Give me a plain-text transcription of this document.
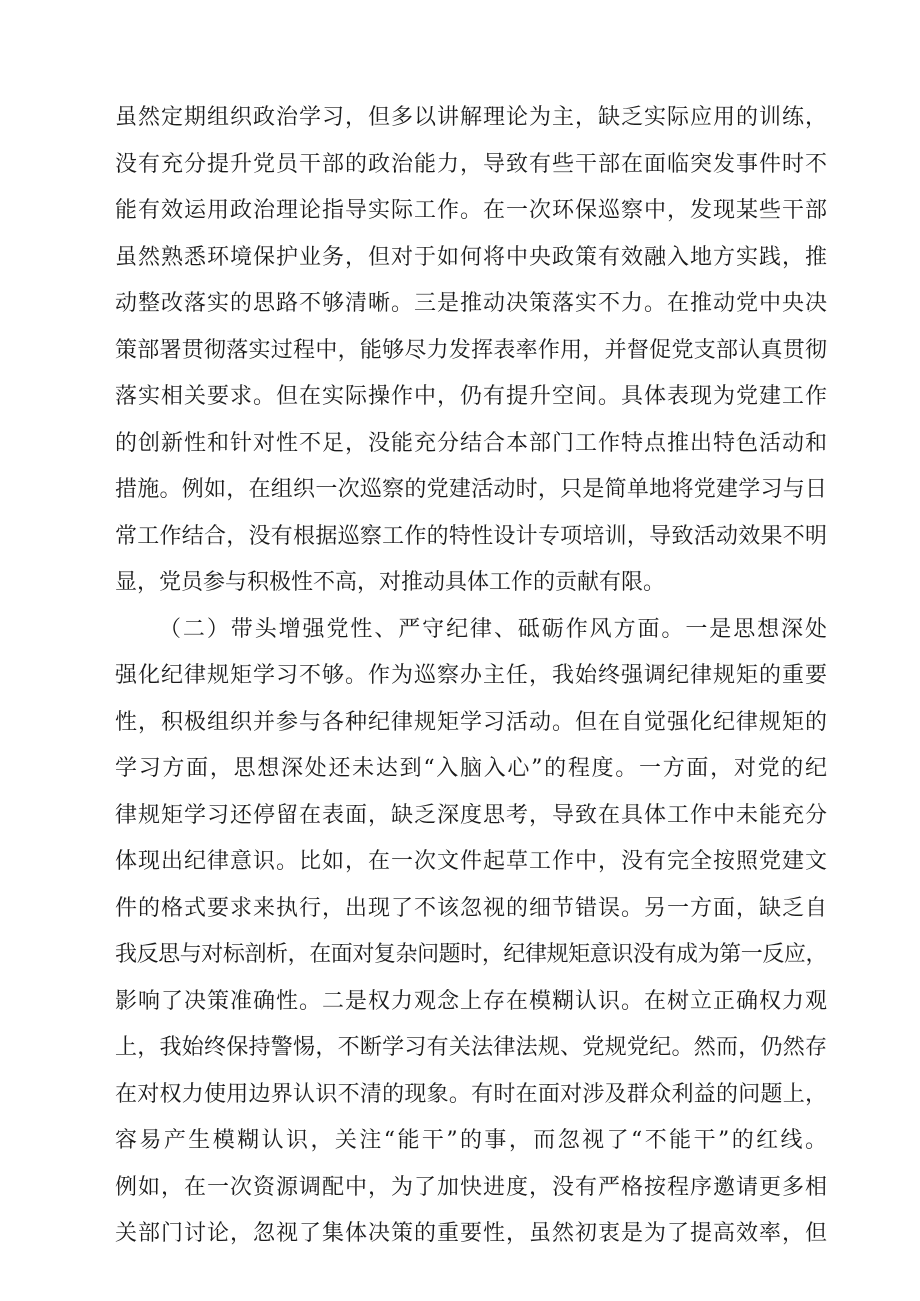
虽然定期组织政治学习，但多以讲解理论为主，缺乏实际应用的训练，
没有充分提升党员干部的政治能力，导致有些干部在面临突发事件时不
能有效运用政治理论指导实际工作。在一次环保巡察中，发现某些干部
虽然熟悉环境保护业务，但对于如何将中央政策有效融入地方实践，推
动整改落实的思路不够清晰。三是推动决策落实不力。在推动党中央决
策部署贯彻落实过程中，能够尽力发挥表率作用，并督促党支部认真贯彻
落实相关要求。但在实际操作中，仍有提升空间。具体表现为党建工作
的创新性和针对性不足，没能充分结合本部门工作特点推出特色活动和
措施。例如，在组织一次巡察的党建活动时，只是简单地将党建学习与日
常工作结合，没有根据巡察工作的特性设计专项培训，导致活动效果不明
显，党员参与积极性不高，对推动具体工作的贡献有限。
（二）带头增强党性、严守纪律、砥砺作风方面。一是思想深处
强化纪律规矩学习不够。作为巡察办主任，我始终强调纪律规矩的重要
性，积极组织并参与各种纪律规矩学习活动。但在自觉强化纪律规矩的
学习方面，思想深处还未达到“入脑入心”的程度。一方面，对党的纪
律规矩学习还停留在表面，缺乏深度思考，导致在具体工作中未能充分
体现出纪律意识。比如，在一次文件起草工作中，没有完全按照党建文
件的格式要求来执行，出现了不该忽视的细节错误。另一方面，缺乏自
我反思与对标剖析，在面对复杂问题时，纪律规矩意识没有成为第一反应，
影响了决策准确性。二是权力观念上存在模糊认识。在树立正确权力观
上，我始终保持警惕，不断学习有关法律法规、党规党纪。然而，仍然存
在对权力使用边界认识不清的现象。有时在面对涉及群众利益的问题上，
容易产生模糊认识，关注“能干”的事，而忽视了“不能干”的红线。
例如，在一次资源调配中，为了加快进度，没有严格按程序邀请更多相
关部门讨论，忽视了集体决策的重要性，虽然初衷是为了提高效率，但
